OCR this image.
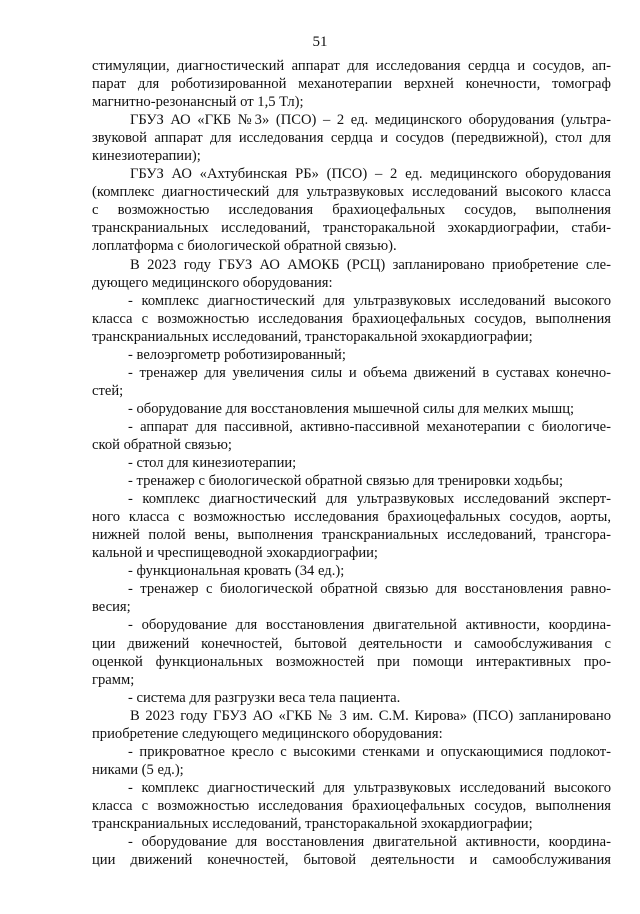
51
стимуляции, диагностический аппарат для исследования сердца и сосудов, ап-
парат для роботизированной механотерапии верхней конечности, томограф
магнитно-резонансный от 1,5 Тл);
ГБУЗ АО «ГКБ №3» (ПСО) – 2 ед. медицинского оборудования (ультра-
звуковой аппарат для исследования сердца и сосудов (передвижной), стол для
кинезиотерапии);
ГБУЗ АО «Ахтубинская РБ» (ПСО) – 2 ед. медицинского оборудования
(комплекс диагностический для ультразвуковых исследований высокого класса
с возможностью исследования брахиоцефальных сосудов, выполнения
транскраниальных исследований, трансторакальной эхокардиографии, стаби-
лоплатформа с биологической обратной связью).
В 2023 году ГБУЗ АО АМОКБ (РСЦ) запланировано приобретение сле-
дующего медицинского оборудования:
- комплекс диагностический для ультразвуковых исследований высокого
класса с возможностью исследования брахиоцефальных сосудов, выполнения
транскраниальных исследований, трансторакальной эхокардиографии;
- велоэргометр роботизированный;
- тренажер для увеличения силы и объема движений в суставах конечно-
стей;
- оборудование для восстановления мышечной силы для мелких мышц;
- аппарат для пассивной, активно-пассивной механотерапии с биологиче-
ской обратной связью;
- стол для кинезиотерапии;
- тренажер с биологической обратной связью для тренировки ходьбы;
- комплекс диагностический для ультразвуковых исследований эксперт-
ного класса с возможностью исследования брахиоцефальных сосудов, аорты,
нижней полой вены, выполнения транскраниальных исследований, трансгора-
кальной и чреспищеводной эхокардиографии;
- функциональная кровать (34 ед.);
- тренажер с биологической обратной связью для восстановления равно-
весия;
- оборудование для восстановления двигательной активности, координа-
ции движений конечностей, бытовой деятельности и самообслуживания с
оценкой функциональных возможностей при помощи интерактивных про-
грамм;
- система для разгрузки веса тела пациента.
В 2023 году ГБУЗ АО «ГКБ № 3 им. С.М. Кирова» (ПСО) запланировано
приобретение следующего медицинского оборудования:
- прикроватное кресло с высокими стенками и опускающимися подлокот-
никами (5 ед.);
- комплекс диагностический для ультразвуковых исследований высокого
класса с возможностью исследования брахиоцефальных сосудов, выполнения
транскраниальных исследований, трансторакальной эхокардиографии;
- оборудование для восстановления двигательной активности, координа-
ции движений конечностей, бытовой деятельности и самообслуживания
